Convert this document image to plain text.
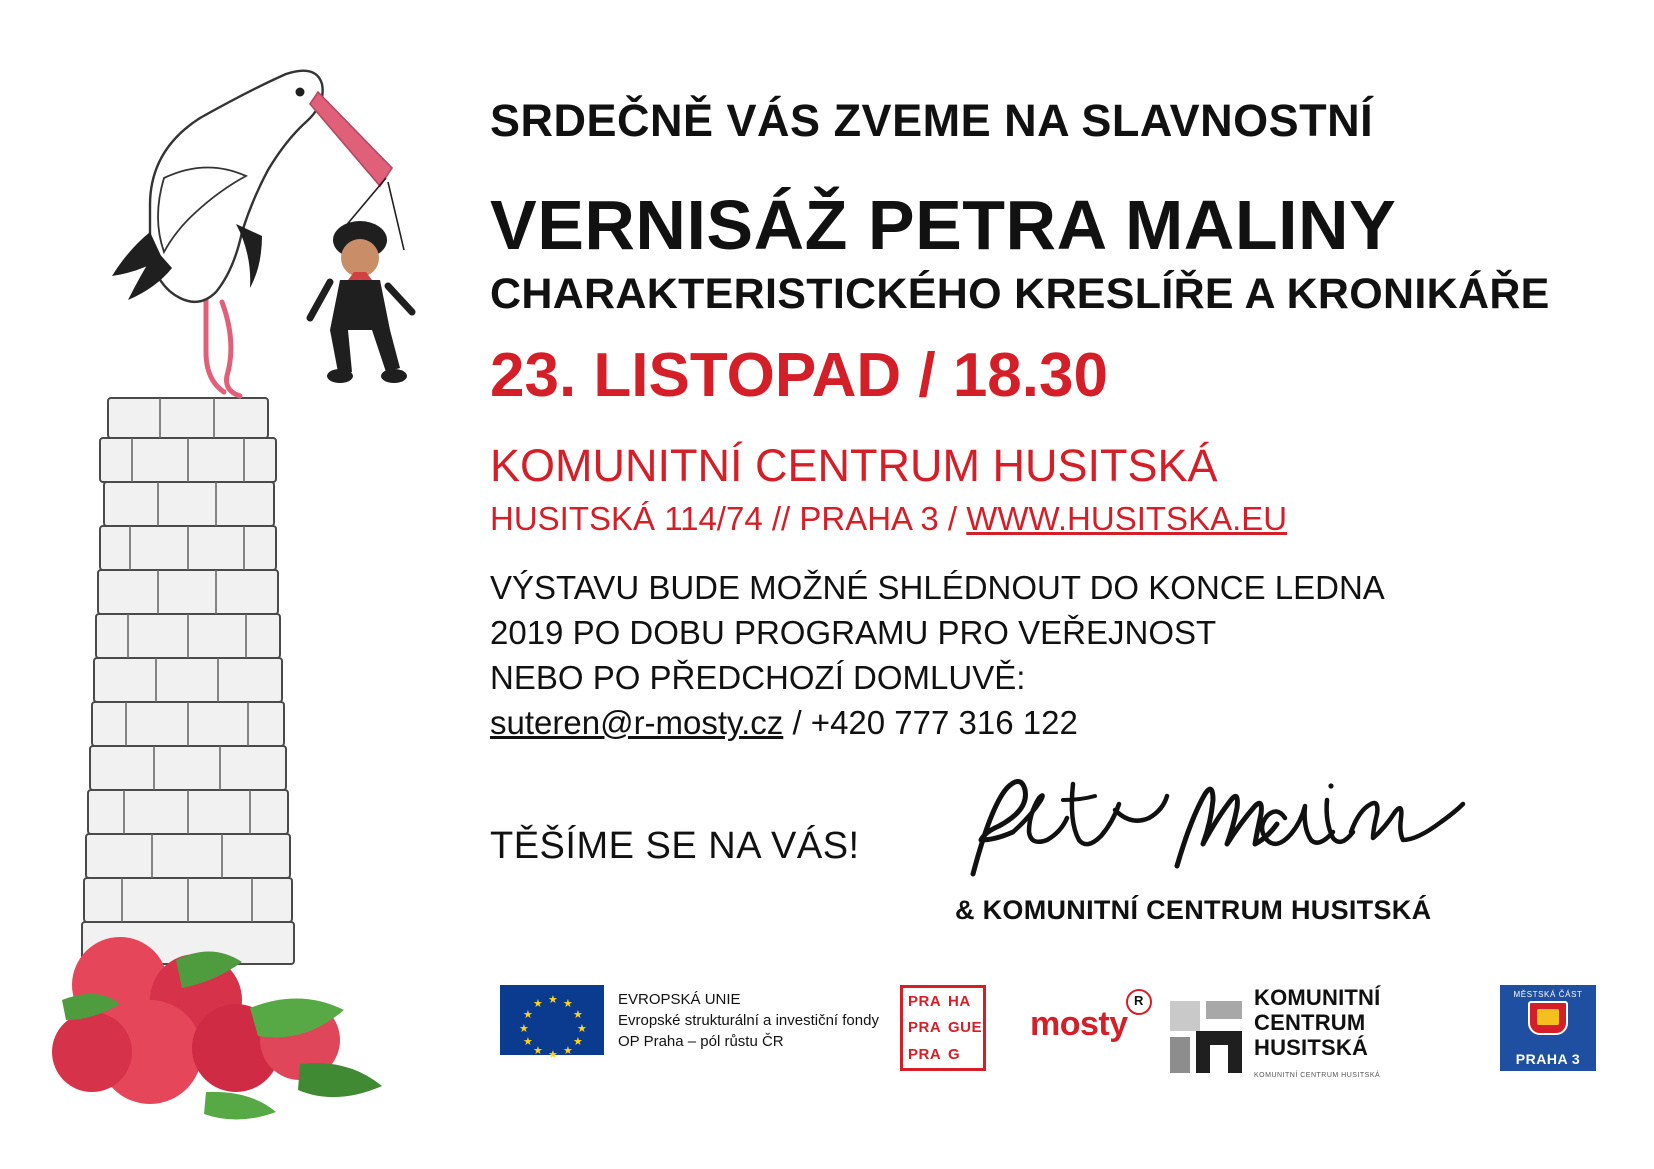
SRDEČNĚ VÁS ZVEME NA SLAVNOSTNÍ
VERNISÁŽ PETRA MALINY
CHARAKTERISTICKÉHO KRESLÍŘE A KRONIKÁŘE
23. LISTOPAD / 18.30
KOMUNITNÍ CENTRUM HUSITSKÁ
HUSITSKÁ 114/74 // PRAHA 3 / WWW.HUSITSKA.EU
VÝSTAVU BUDE MOŽNÉ SHLÉDNOUT DO KONCE LEDNA
2019 PO DOBU PROGRAMU PRO VEŘEJNOST
NEBO PO PŘEDCHOZÍ DOMLUVĚ:
suteren@r-mosty.cz / +420 777 316 122
TĚŠÍME SE NA VÁS!
& KOMUNITNÍ CENTRUM HUSITSKÁ
★ ★
★
★
★
★
★
★
★
★
★
★	EVROPSKÁ UNIE
Evropské strukturální a investiční fondy
OP Praha – pól růstu ČR
PRA HA
PRA GUE
PRA G
mosty
R	KOMUNITNÍ
CENTRUM
HUSITSKÁ
KOMUNITNÍ CENTRUM HUSITSKÁ
MĚSTSKÁ ČÁST
PRAHA 3
